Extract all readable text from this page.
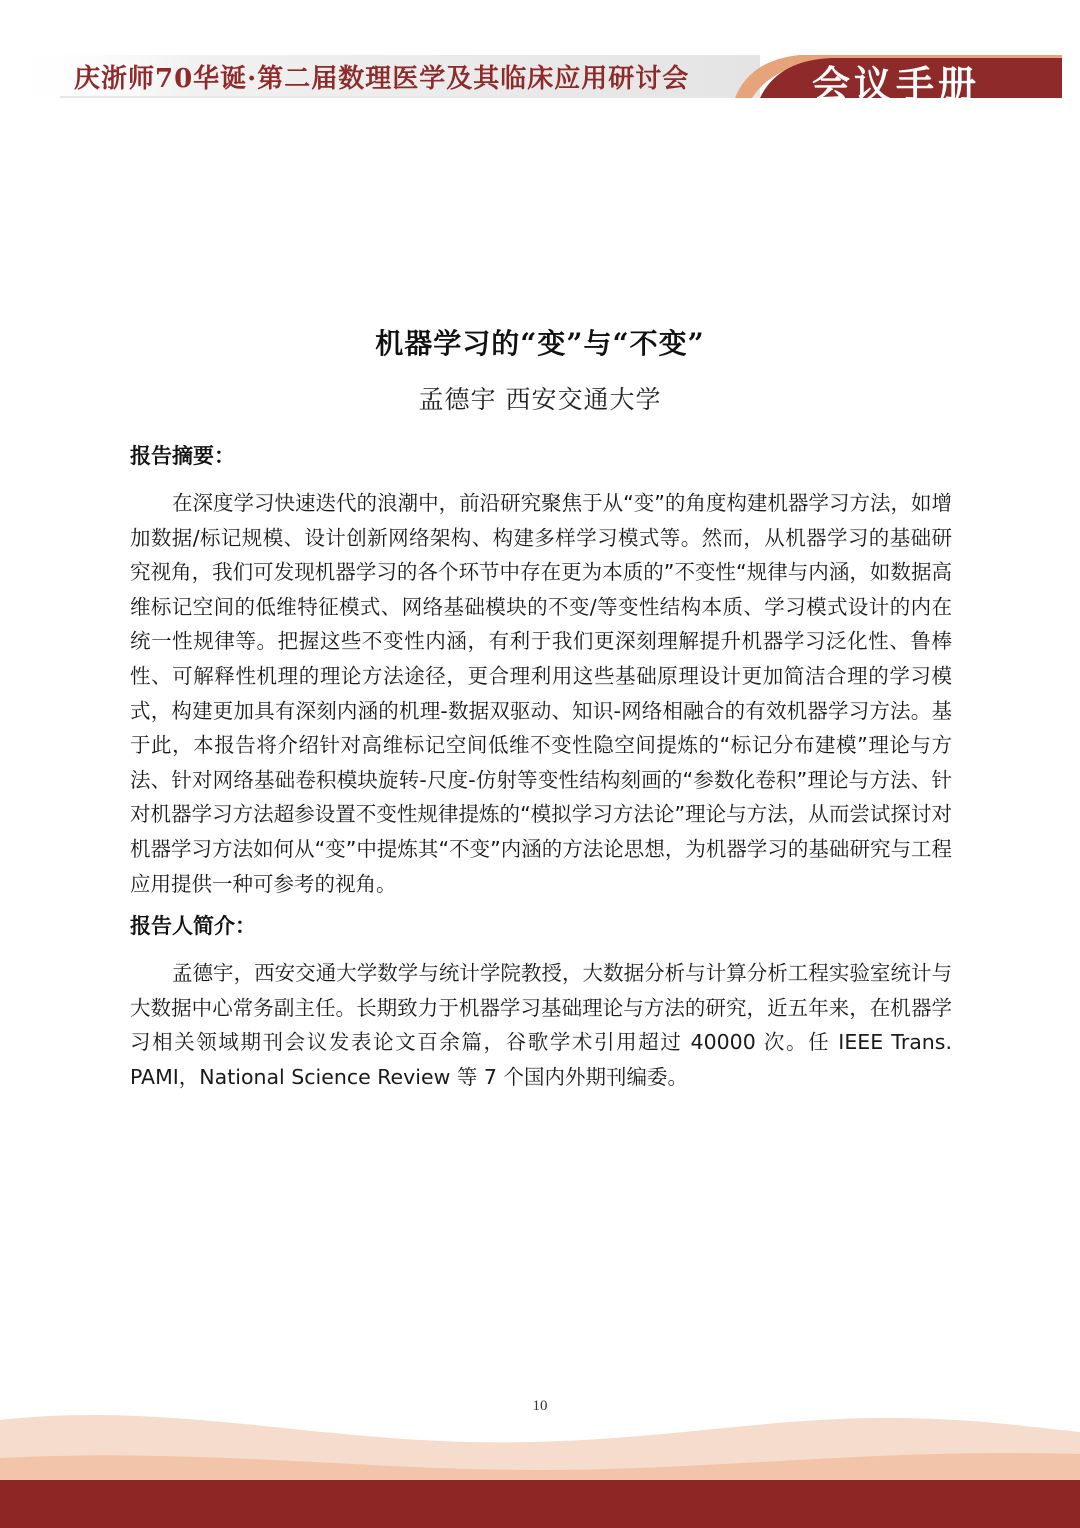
庆浙师70华诞·第二届数理医学及其临床应用研讨会	会议手册
机器学习的“变”与“不变”
孟德宇 西安交通大学
报告摘要：

在深度学习快速迭代的浪潮中，前沿研究聚焦于从“变”的角度构建机器学习方法，如增加数据/标记规模、设计创新网络架构、构建多样学习模式等。然而，从机器学习的基础研究视角，我们可发现机器学习的各个环节中存在更为本质的”不变性“规律与内涵，如数据高维标记空间的低维特征模式、网络基础模块的不变/等变性结构本质、学习模式设计的内在统一性规律等。把握这些不变性内涵，有利于我们更深刻理解提升机器学习泛化性、鲁棒性、可解释性机理的理论方法途径，更合理利用这些基础原理设计更加简洁合理的学习模式，构建更加具有深刻内涵的机理-数据双驱动、知识-网络相融合的有效机器学习方法。基于此，本报告将介绍针对高维标记空间低维不变性隐空间提炼的“标记分布建模”理论与方法、针对网络基础卷积模块旋转-尺度-仿射等变性结构刻画的“参数化卷积”理论与方法、针对机器学习方法超参设置不变性规律提炼的“模拟学习方法论”理论与方法，从而尝试探讨对机器学习方法如何从“变”中提炼其“不变”内涵的方法论思想，为机器学习的基础研究与工程应用提供一种可参考的视角。

报告人简介：

孟德宇，西安交通大学数学与统计学院教授，大数据分析与计算分析工程实验室统计与大数据中心常务副主任。长期致力于机器学习基础理论与方法的研究，近五年来，在机器学习相关领域期刊会议发表论文百余篇，谷歌学术引用超过 40000 次。任 IEEE Trans. PAMI，National Science Review 等 7 个国内外期刊编委。

10
